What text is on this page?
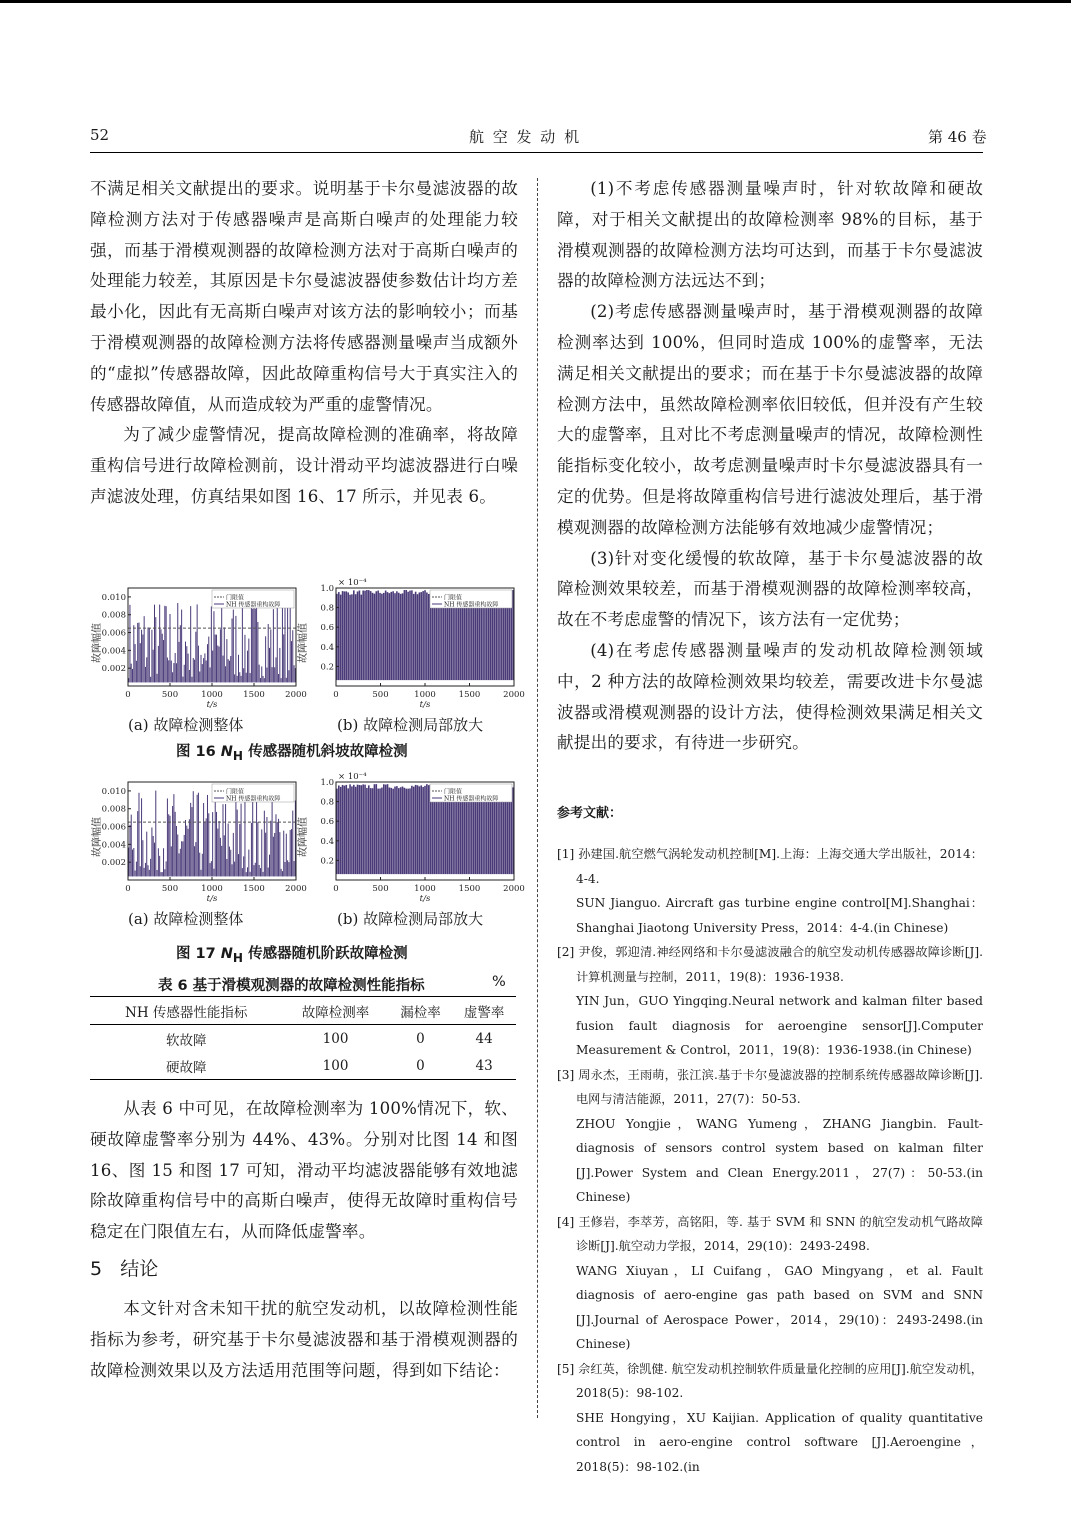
52	航 空 发 动 机	第 46 卷

不满足相关文献提出的要求。说明基于卡尔曼滤波器的故障检测方法对于传感器噪声是高斯白噪声的处理能力较强，而基于滑模观测器的故障检测方法对于高斯白噪声的处理能力较差，其原因是卡尔曼滤波器使参数估计均方差最小化，因此有无高斯白噪声对该方法的影响较小；而基于滑模观测器的故障检测方法将传感器测量噪声当成额外的“虚拟”传感器故障，因此故障重构信号大于真实注入的传感器故障值，从而造成较为严重的虚警情况。

为了减少虚警情况，提高故障检测的准确率，将故障重构信号进行故障检测前，设计滑动平均滤波器进行白噪声滤波处理，仿真结果如图 16、17 所示，并见表 6。

0.002
0.004
0.006
0.008
0.010
0	500	1000 1500 2000
t/s
故障幅值
门限值
NH 传感器重构故障
0.2
0.4
0.6
0.8
1.0
0	500	1000	1500	2000
t/s
故障幅值
× 10⁻⁴
门限值
NH 传感器重构故障
(a) 故障检测整体	(b) 故障检测局部放大
图 16 $N_H$ 传感器随机斜坡故障检测
0.002
0.004
0.006
0.008
0.010
0	500	1000 1500 2000
t/s
故障幅值
门限值
NH 传感器重构故障
0.2
0.4
0.6
0.8
1.0
0	500	1000	1500	2000
t/s
故障幅值
× 10⁻⁴
门限值
NH 传感器重构故障
(a) 故障检测整体	(b) 故障检测局部放大
图 17 $N_H$ 传感器随机阶跃故障检测
表 6 基于滑模观测器的故障检测性能指标	%
NH 传感器性能指标	故障检测率	漏检率	虚警率
软故障	100	0	44
硬故障	100	0	43

从表 6 中可见，在故障检测率为 100%情况下，软、硬故障虚警率分别为 44%、43%。分别对比图 14 和图 16、图 15 和图 17 可知，滑动平均滤波器能够有效地滤除故障重构信号中的高斯白噪声，使得无故障时重构信号稳定在门限值左右，从而降低虚警率。

5 结论

本文针对含未知干扰的航空发动机，以故障检测性能指标为参考，研究基于卡尔曼滤波器和基于滑模观测器的故障检测效果以及方法适用范围等问题，得到如下结论：

(1)不考虑传感器测量噪声时，针对软故障和硬故障，对于相关文献提出的故障检测率 98%的目标，基于滑模观测器的故障检测方法均可达到，而基于卡尔曼滤波器的故障检测方法远达不到；

(2)考虑传感器测量噪声时，基于滑模观测器的故障检测率达到 100%，但同时造成 100%的虚警率，无法满足相关文献提出的要求；而在基于卡尔曼滤波器的故障检测方法中，虽然故障检测率依旧较低，但并没有产生较大的虚警率，且对比不考虑测量噪声的情况，故障检测性能指标变化较小，故考虑测量噪声时卡尔曼滤波器具有一定的优势。但是将故障重构信号进行滤波处理后，基于滑模观测器的故障检测方法能够有效地减少虚警情况；

(3)针对变化缓慢的软故障，基于卡尔曼滤波器的故障检测效果较差，而基于滑模观测器的故障检测率较高，故在不考虑虚警的情况下，该方法有一定优势；

(4)在考虑传感器测量噪声的发动机故障检测领域中，2 种方法的故障检测效果均较差，需要改进卡尔曼滤波器或滑模观测器的设计方法，使得检测效果满足相关文献提出的要求，有待进一步研究。

参考文献：
[1] 孙建国.航空燃气涡轮发动机控制[M].上海：上海交通大学出版社，2014：4-4.
SUN Jianguo. Aircraft gas turbine engine control[M].Shanghai：Shanghai Jiaotong University Press，2014：4-4.(in Chinese)
[2] 尹俊，郭迎清.神经网络和卡尔曼滤波融合的航空发动机传感器故障诊断[J].计算机测量与控制，2011，19(8)：1936-1938.
YIN Jun，GUO Yingqing.Neural network and kalman filter based fusion fault diagnosis for aeroengine sensor[J].Computer Measurement & Control，2011，19(8)：1936-1938.(in Chinese)
[3] 周永杰，王雨萌，张江滨.基于卡尔曼滤波器的控制系统传感器故障诊断[J].电网与清洁能源，2011，27(7)：50-53.
ZHOU Yongjie，WANG Yumeng，ZHANG Jiangbin. Fault-diagnosis of sensors control system based on kalman filter [J].Power System and Clean Energy.2011，27(7)：50-53.(in Chinese)
[4] 王修岩，李萃芳，高铭阳，等. 基于 SVM 和 SNN 的航空发动机气路故障诊断[J].航空动力学报，2014，29(10)：2493-2498.
WANG Xiuyan，LI Cuifang，GAO Mingyang，et al. Fault diagnosis of aero-engine gas path based on SVM and SNN [J].Journal of Aerospace Power，2014，29(10)：2493-2498.(in Chinese)
[5] 佘红英，徐凯健. 航空发动机控制软件质量量化控制的应用[J].航空发动机，2018(5)：98-102.
SHE Hongying，XU Kaijian. Application of quality quantitative control in aero-engine control software [J].Aeroengine，2018(5)：98-102.(in
